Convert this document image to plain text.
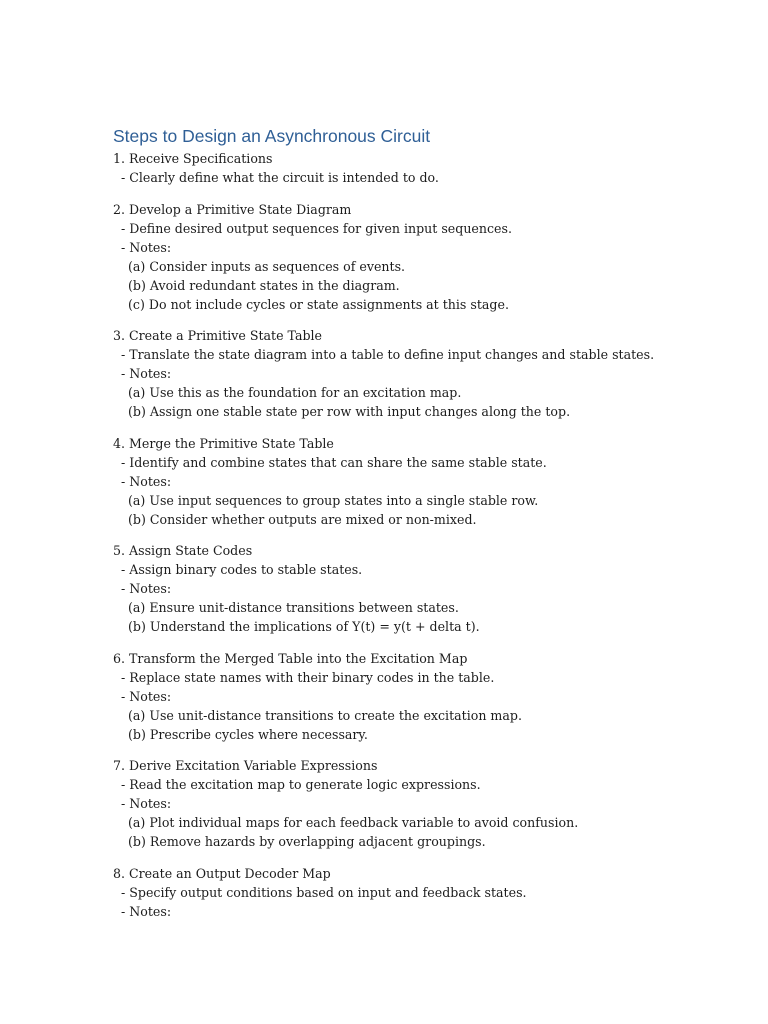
Steps to Design an Asynchronous Circuit
1. Receive Specifications
- Clearly define what the circuit is intended to do.
2. Develop a Primitive State Diagram
- Define desired output sequences for given input sequences.
- Notes:
(a) Consider inputs as sequences of events.
(b) Avoid redundant states in the diagram.
(c) Do not include cycles or state assignments at this stage.
3. Create a Primitive State Table
- Translate the state diagram into a table to define input changes and stable states.
- Notes:
(a) Use this as the foundation for an excitation map.
(b) Assign one stable state per row with input changes along the top.
4. Merge the Primitive State Table
- Identify and combine states that can share the same stable state.
- Notes:
(a) Use input sequences to group states into a single stable row.
(b) Consider whether outputs are mixed or non-mixed.
5. Assign State Codes
- Assign binary codes to stable states.
- Notes:
(a) Ensure unit-distance transitions between states.
(b) Understand the implications of Y(t) = y(t + delta t).
6. Transform the Merged Table into the Excitation Map
- Replace state names with their binary codes in the table.
- Notes:
(a) Use unit-distance transitions to create the excitation map.
(b) Prescribe cycles where necessary.
7. Derive Excitation Variable Expressions
- Read the excitation map to generate logic expressions.
- Notes:
(a) Plot individual maps for each feedback variable to avoid confusion.
(b) Remove hazards by overlapping adjacent groupings.
8. Create an Output Decoder Map
- Specify output conditions based on input and feedback states.
- Notes:
